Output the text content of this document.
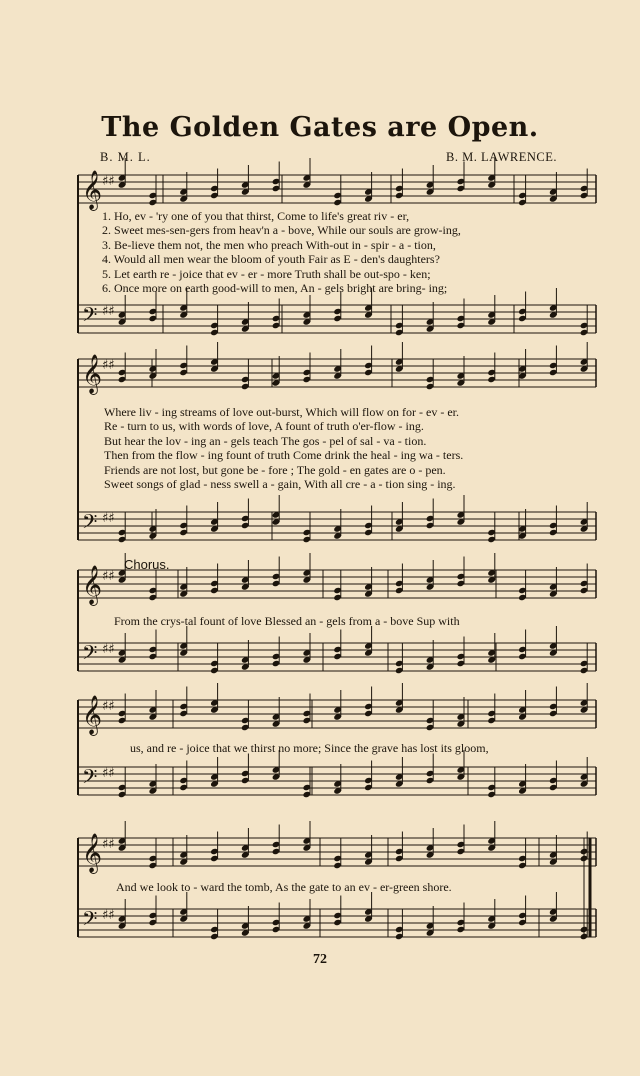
The Golden Gates are Open.
B. M. L.	B. M. LAWRENCE.
𝄞 ♯♯
𝄢 ♯♯
𝄞 ♯♯
𝄢 ♯♯
𝄞 ♯♯
𝄢 ♯♯
𝄞 ♯♯
𝄢 ♯♯
𝄞 ♯♯
𝄢 ♯♯
1. Ho, ev - 'ry one of you that thirst, Come to life's great riv - er,
2. Sweet mes-sen-gers from heav'n a - bove, While our souls are grow-ing,
3. Be-lieve them not, the men who preach With-out in - spir - a - tion,
4. Would all men wear the bloom of youth Fair as E - den's daughters?
5. Let earth re - joice that ev - er - more Truth shall be out-spo - ken;
6. Once more on earth good-will to men, An - gels bright are bring- ing;
Where liv - ing streams of love out-burst, Which will flow on for - ev - er.
Re - turn to us, with words of love, A fount of truth o'er-flow - ing.
But hear the lov - ing an - gels teach The gos - pel of sal - va - tion.
Then from the flow - ing fount of truth Come drink the heal - ing wa - ters.
Friends are not lost, but gone be - fore ; The gold - en gates are o - pen.
Sweet songs of glad - ness swell a - gain, With all cre - a - tion sing - ing.
Chorus.
From the crys-tal fount of love Blessed an - gels from a - bove Sup with
us, and re - joice that we thirst no more; Since the grave has lost its gloom,
And we look to - ward the tomb, As the gate to an ev - er-green shore.
72
